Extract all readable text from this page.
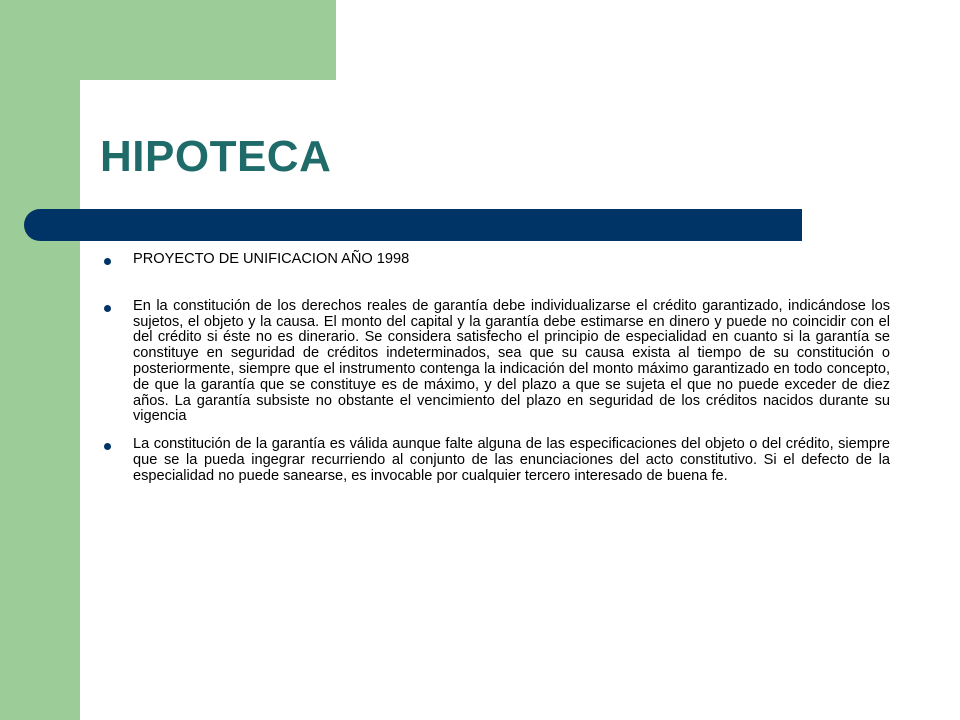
HIPOTECA
PROYECTO DE UNIFICACION AÑO 1998
En la constitución de los derechos reales de garantía debe individualizarse el crédito garantizado, indicándose los sujetos, el objeto y la causa. El monto del capital y la garantía debe estimarse en dinero y puede no coincidir con el del crédito si éste no es dinerario. Se considera satisfecho el principio de especialidad en cuanto si la garantía se constituye en seguridad de créditos indeterminados, sea que su causa exista al tiempo de su constitución o posteriormente, siempre que el instrumento contenga la indicación del monto máximo garantizado en todo concepto, de que la garantía que se constituye es de máximo, y del plazo a que se sujeta el que no puede exceder de diez años. La garantía subsiste no obstante el vencimiento del plazo en seguridad de los créditos nacidos durante su vigencia
La constitución de la garantía es válida aunque falte alguna de las especificaciones del objeto o del crédito, siempre que se la pueda ingegrar recurriendo al conjunto de las enunciaciones del acto constitutivo. Si el defecto de la especialidad no puede sanearse, es invocable por cualquier tercero interesado de buena fe.
